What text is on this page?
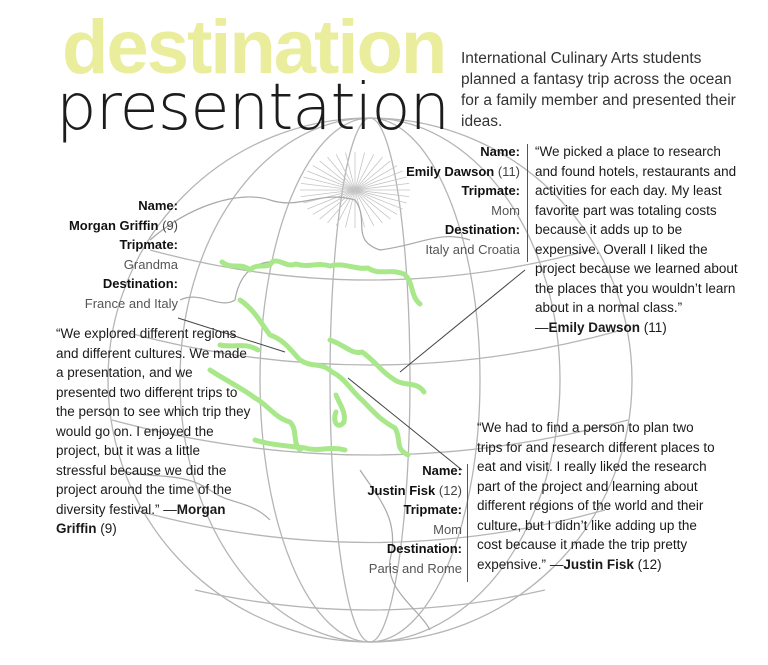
destination
presentation
International Culinary Arts students planned a fantasy trip across the ocean for a family member and presented their ideas.
Name:
Emily Dawson (11)
Tripmate:
Mom
Destination:
Italy and Croatia
“We picked a place to research and found hotels, restaurants and activities for each day. My least favorite part was totaling costs because it adds up to be expensive. Overall I liked the project because we learned about the places that you wouldn’t learn about in a normal class.”
—Emily Dawson (11)
Name:
Morgan Griffin (9)
Tripmate:
Grandma
Destination:
France and Italy
“We explored different regions and different cultures. We made a presentation, and we presented two different trips to the person to see which trip they would go on. I enjoyed the project, but it was a little stressful because we did the project around the time of the diversity festival.” —Morgan Griffin (9)
Name:
Justin Fisk (12)
Tripmate:
Mom
Destination:
Paris and Rome
“We had to find a person to plan two trips for and research different places to eat and visit. I really liked the research part of the project and learning about different regions of the world and their culture, but I didn’t like adding up the cost because it made the trip pretty expensive.” —Justin Fisk (12)
